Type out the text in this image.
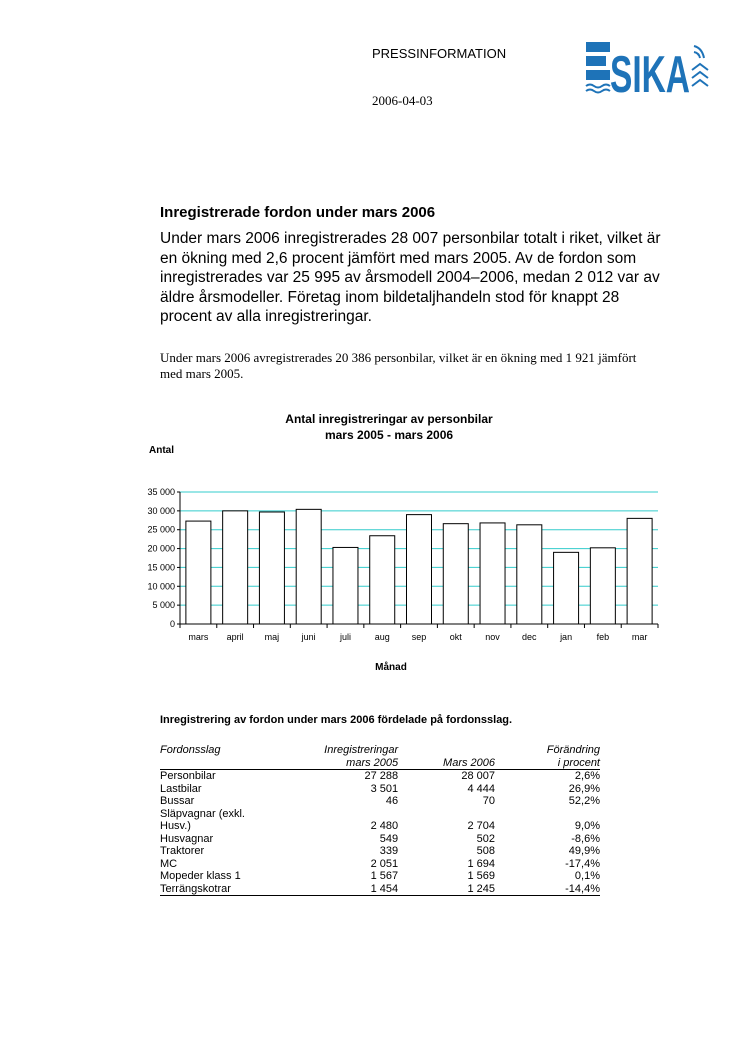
PRESSINFORMATION
2006-04-03	SIKA
Inregistrerade fordon under mars 2006
Under mars 2006 inregistrerades 28 007 personbilar totalt i riket, vilket är en ökning med 2,6 procent jämfört med mars 2005. Av de fordon som inregistrerades var 25 995 av årsmodell 2004–2006, medan 2 012 var av äldre årsmodeller. Företag inom bildetaljhandeln stod för knappt 28 procent av alla inregistreringar.
Under mars 2006 avregistrerades 20 386 personbilar, vilket är en ökning med 1 921 jämfört med mars 2005.
Antal inregistreringar av personbilar
mars 2005 - mars 2006
Antal
Månad
0
5 000
10 000
15 000
20 000
25 000
30 000
35 000
mars april maj	juni	juli	aug sep	okt	nov dec	jan	feb	mar
Inregistrering av fordon under mars 2006 fördelade på fordonsslag.
Fordonsslag	Inregistreringar		Förändring
	mars 2005	Mars 2006	i procent
Personbilar	27 288	28 007	2,6%
Lastbilar	3 501	4 444	26,9%
Bussar	46	70	52,2%
Släpvagnar (exkl.			
Husv.)	2 480	2 704	9,0%
Husvagnar	549	502	-8,6%
Traktorer	339	508	49,9%
MC	2 051	1 694	-17,4%
Mopeder klass 1	1 567	1 569	0,1%
Terrängskotrar	1 454	1 245	-14,4%
